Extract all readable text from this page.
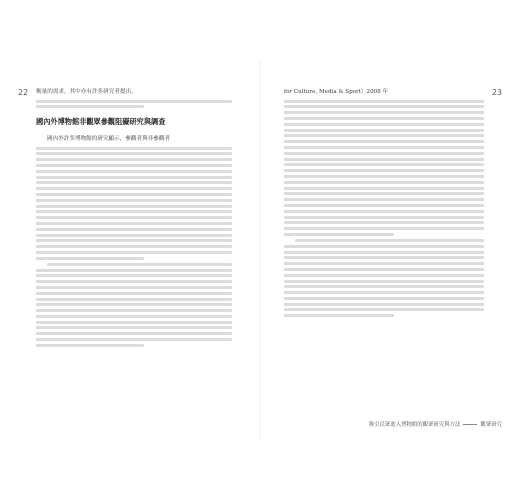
22 衡量的需求，其中亦有許多研究者提出，

國內外博物館非觀眾參觀阻礙研究與調查

國內外許多博物館的研究顯示，參觀者與非參觀者

23

for Culture, Media & Sport）2008 年

吸引民眾進入博物館的觀眾研究與方法	觀眾研究
